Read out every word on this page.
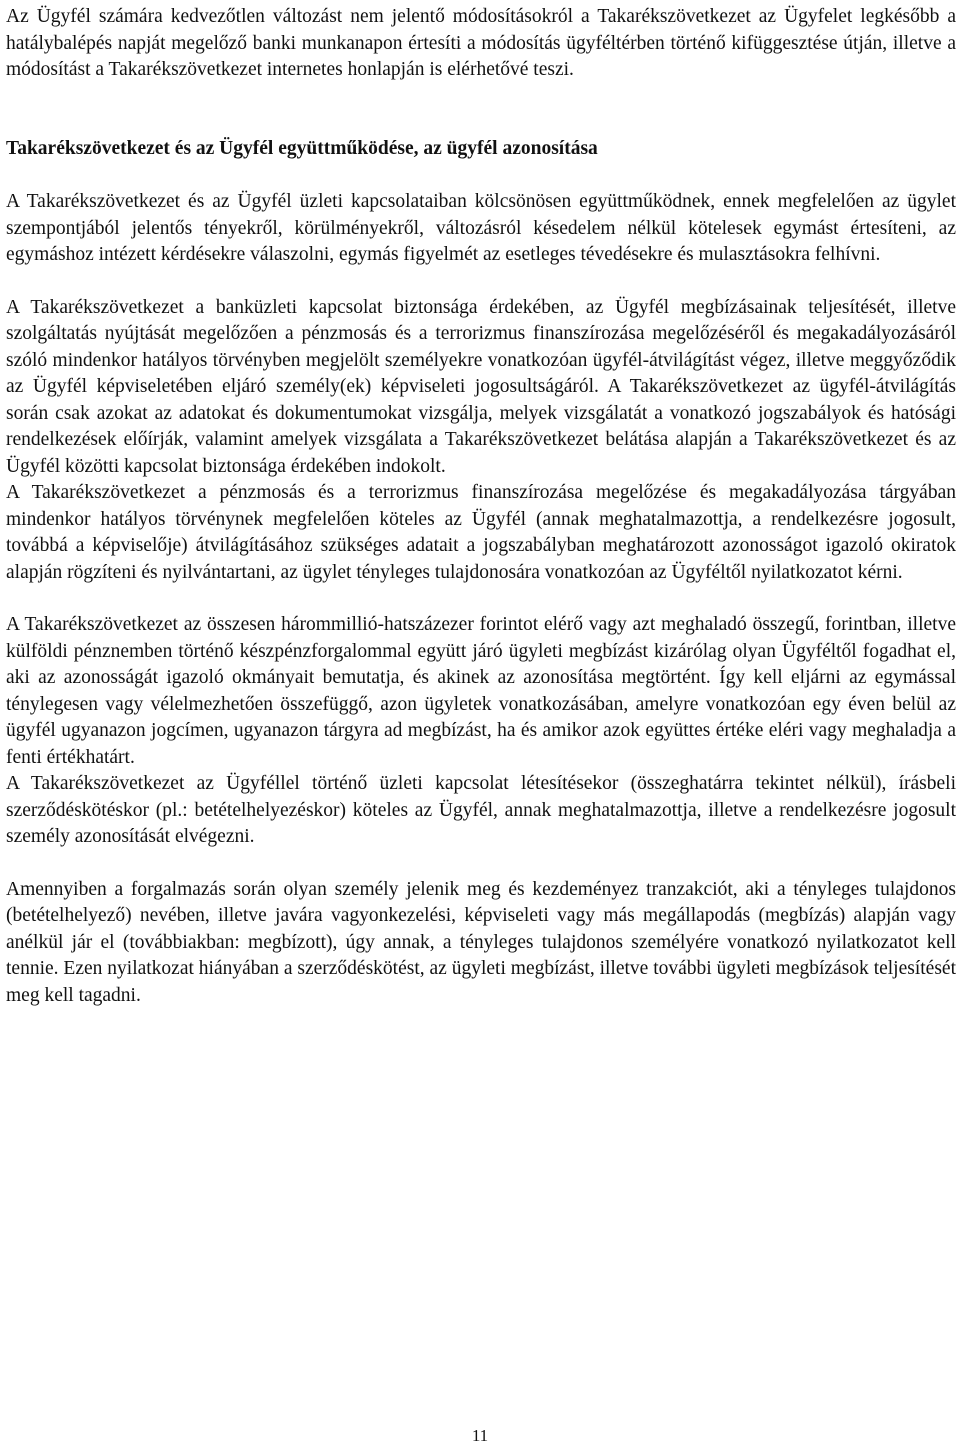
Az Ügyfél számára kedvezőtlen változást nem jelentő módosításokról a Takarékszövetkezet az Ügyfelet legkésőbb a hatálybalépés napját megelőző banki munkanapon értesíti a módosítás ügyféltérben történő kifüggesztése útján, illetve a módosítást a Takarékszövetkezet internetes honlapján is elérhetővé teszi.

Takarékszövetkezet és az Ügyfél együttműködése, az ügyfél azonosítása

A Takarékszövetkezet és az Ügyfél üzleti kapcsolataiban kölcsönösen együttműködnek, ennek megfelelően az ügylet szempontjából jelentős tényekről, körülményekről, változásról késedelem nélkül kötelesek egymást értesíteni, az egymáshoz intézett kérdésekre válaszolni, egymás figyelmét az esetleges tévedésekre és mulasztásokra felhívni.

A Takarékszövetkezet a banküzleti kapcsolat biztonsága érdekében, az Ügyfél megbízásainak teljesítését, illetve szolgáltatás nyújtását megelőzően a pénzmosás és a terrorizmus finanszírozása megelőzéséről és megakadályozásáról szóló mindenkor hatályos törvényben megjelölt személyekre vonatkozóan ügyfél-átvilágítást végez, illetve meggyőződik az Ügyfél képviseletében eljáró személy(ek) képviseleti jogosultságáról. A Takarékszövetkezet az ügyfél-átvilágítás során csak azokat az adatokat és dokumentumokat vizsgálja, melyek vizsgálatát a vonatkozó jogszabályok és hatósági rendelkezések előírják, valamint amelyek vizsgálata a Takarékszövetkezet belátása alapján a Takarékszövetkezet és az Ügyfél közötti kapcsolat biztonsága érdekében indokolt.

A Takarékszövetkezet a pénzmosás és a terrorizmus finanszírozása megelőzése és megakadályozása tárgyában mindenkor hatályos törvénynek megfelelően köteles az Ügyfél (annak meghatalmazottja, a rendelkezésre jogosult, továbbá a képviselője) átvilágításához szükséges adatait a jogszabályban meghatározott azonosságot igazoló okiratok alapján rögzíteni és nyilvántartani, az ügylet tényleges tulajdonosára vonatkozóan az Ügyféltől nyilatkozatot kérni.

A Takarékszövetkezet az összesen hárommillió-hatszázezer forintot elérő vagy azt meghaladó összegű, forintban, illetve külföldi pénznemben történő készpénzforgalommal együtt járó ügyleti megbízást kizárólag olyan Ügyféltől fogadhat el, aki az azonosságát igazoló okmányait bemutatja, és akinek az azonosítása megtörtént. Így kell eljárni az egymással ténylegesen vagy vélelmezhetően összefüggő, azon ügyletek vonatkozásában, amelyre vonatkozóan egy éven belül az ügyfél ugyanazon jogcímen, ugyanazon tárgyra ad megbízást, ha és amikor azok együttes értéke eléri vagy meghaladja a fenti értékhatárt.

A Takarékszövetkezet az Ügyféllel történő üzleti kapcsolat létesítésekor (összeghatárra tekintet nélkül), írásbeli szerződéskötéskor (pl.: betételhelyezéskor) köteles az Ügyfél, annak meghatalmazottja, illetve a rendelkezésre jogosult személy azonosítását elvégezni.

Amennyiben a forgalmazás során olyan személy jelenik meg és kezdeményez tranzakciót, aki a tényleges tulajdonos (betételhelyező) nevében, illetve javára vagyonkezelési, képviseleti vagy más megállapodás (megbízás) alapján vagy anélkül jár el (továbbiakban: megbízott), úgy annak, a tényleges tulajdonos személyére vonatkozó nyilatkozatot kell tennie. Ezen nyilatkozat hiányában a szerződéskötést, az ügyleti megbízást, illetve további ügyleti megbízások teljesítését meg kell tagadni.

11
